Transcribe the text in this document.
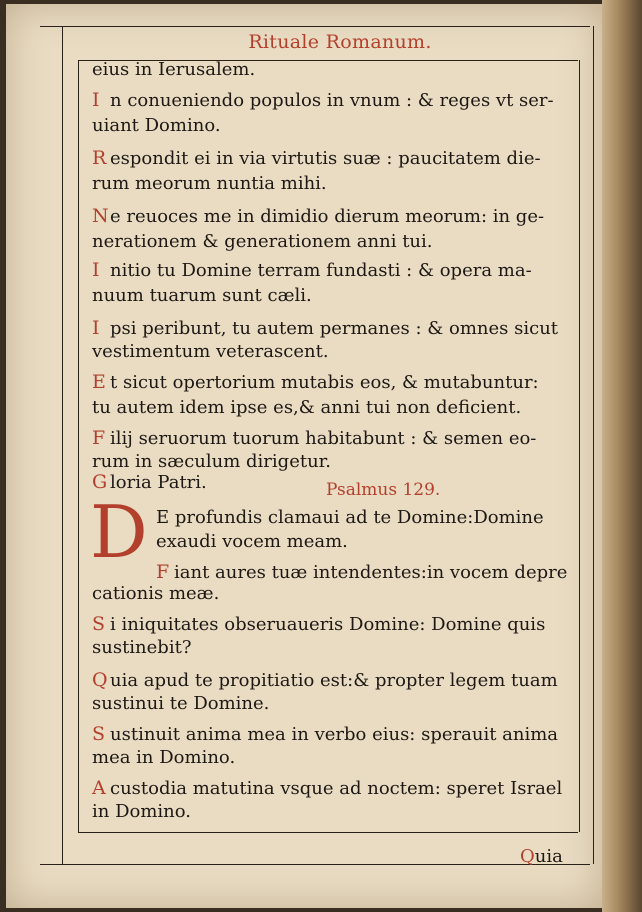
Rituale Romanum.
eius in Ierusalem.
I n conueniendo populos in vnum : & reges vt ser-
uiant Domino.
R espondit ei in via virtutis suæ : paucitatem die-
rum meorum nuntia mihi.
Ne reuoces me in dimidio dierum meorum: in ge-
nerationem & generationem anni tui.
I nitio tu Domine terram fundasti : & opera ma-
nuum tuarum sunt cæli.
I psi peribunt, tu autem permanes : & omnes sicut
vestimentum veterascent.
E t sicut opertorium mutabis eos, & mutabuntur:
tu autem idem ipse es,& anni tui non deficient.
F ilij seruorum tuorum habitabunt : & semen eo-
rum in sæculum dirigetur.
G loria Patri.	Psalmus 129.
D E profundis clamaui ad te Domine:Domine
exaudi vocem meam.
F iant aures tuæ intendentes:in vocem depre
cationis meæ.
S i iniquitates obseruaueris Domine: Domine quis
sustinebit?
Q uia apud te propitiatio est:& propter legem tuam
sustinui te Domine.
S ustinuit anima mea in verbo eius: sperauit anima
mea in Domino.
A custodia matutina vsque ad noctem: speret Israel
in Domino.
Quia
